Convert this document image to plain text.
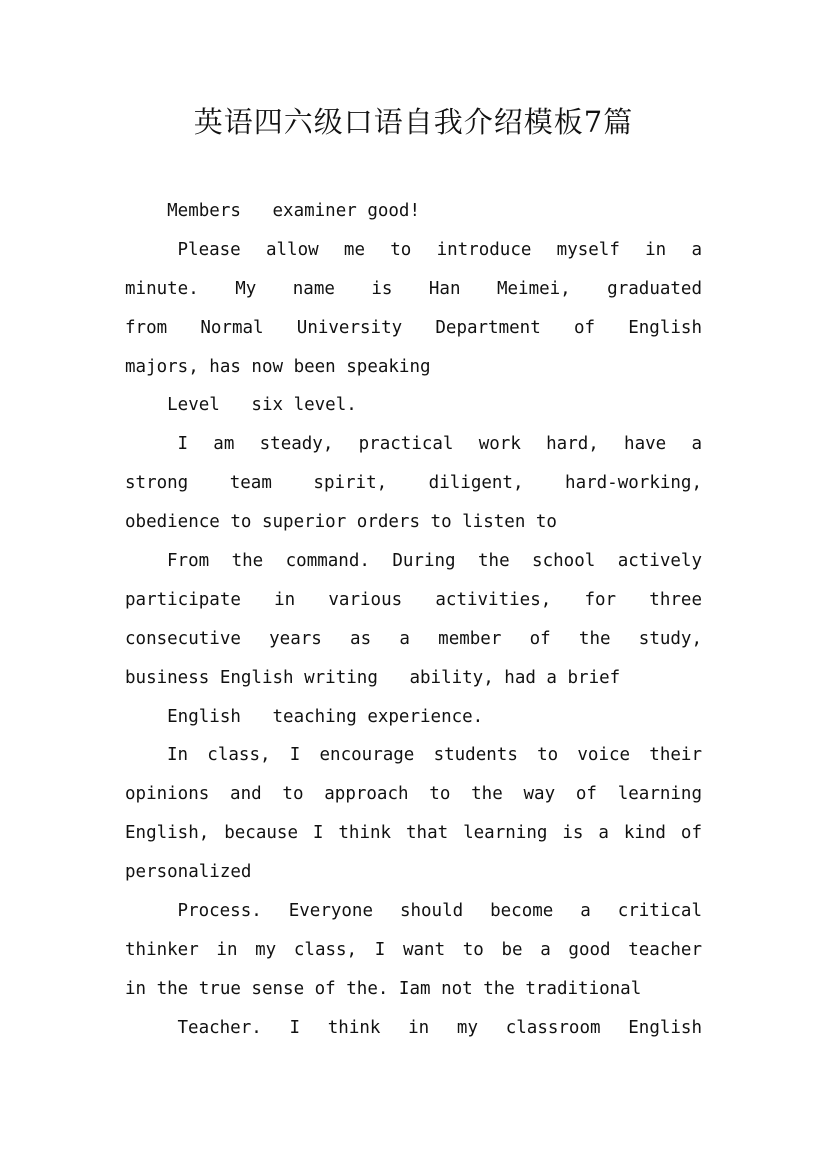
英语四六级口语自我介绍模板7篇
Members   examiner good!
Please allow me to introduce myself in a
minute. My name is Han Meimei, graduated
from Normal University Department of English
majors, has now been speaking
Level   six level.
I am steady, practical work hard, have a
strong team spirit, diligent, hard-working,
obedience to superior orders to listen to
From the command. During the school actively
participate in various activities, for three
consecutive years as a member of the study,
business English writing   ability, had a brief
English   teaching experience.
In class, I encourage students to voice their
opinions and to approach to the way of learning
English, because I think that learning is a kind of
personalized
Process. Everyone should become a critical
thinker in my class, I want to be a good teacher
in the true sense of the. Iam not the traditional
Teacher. I think in my classroom English
